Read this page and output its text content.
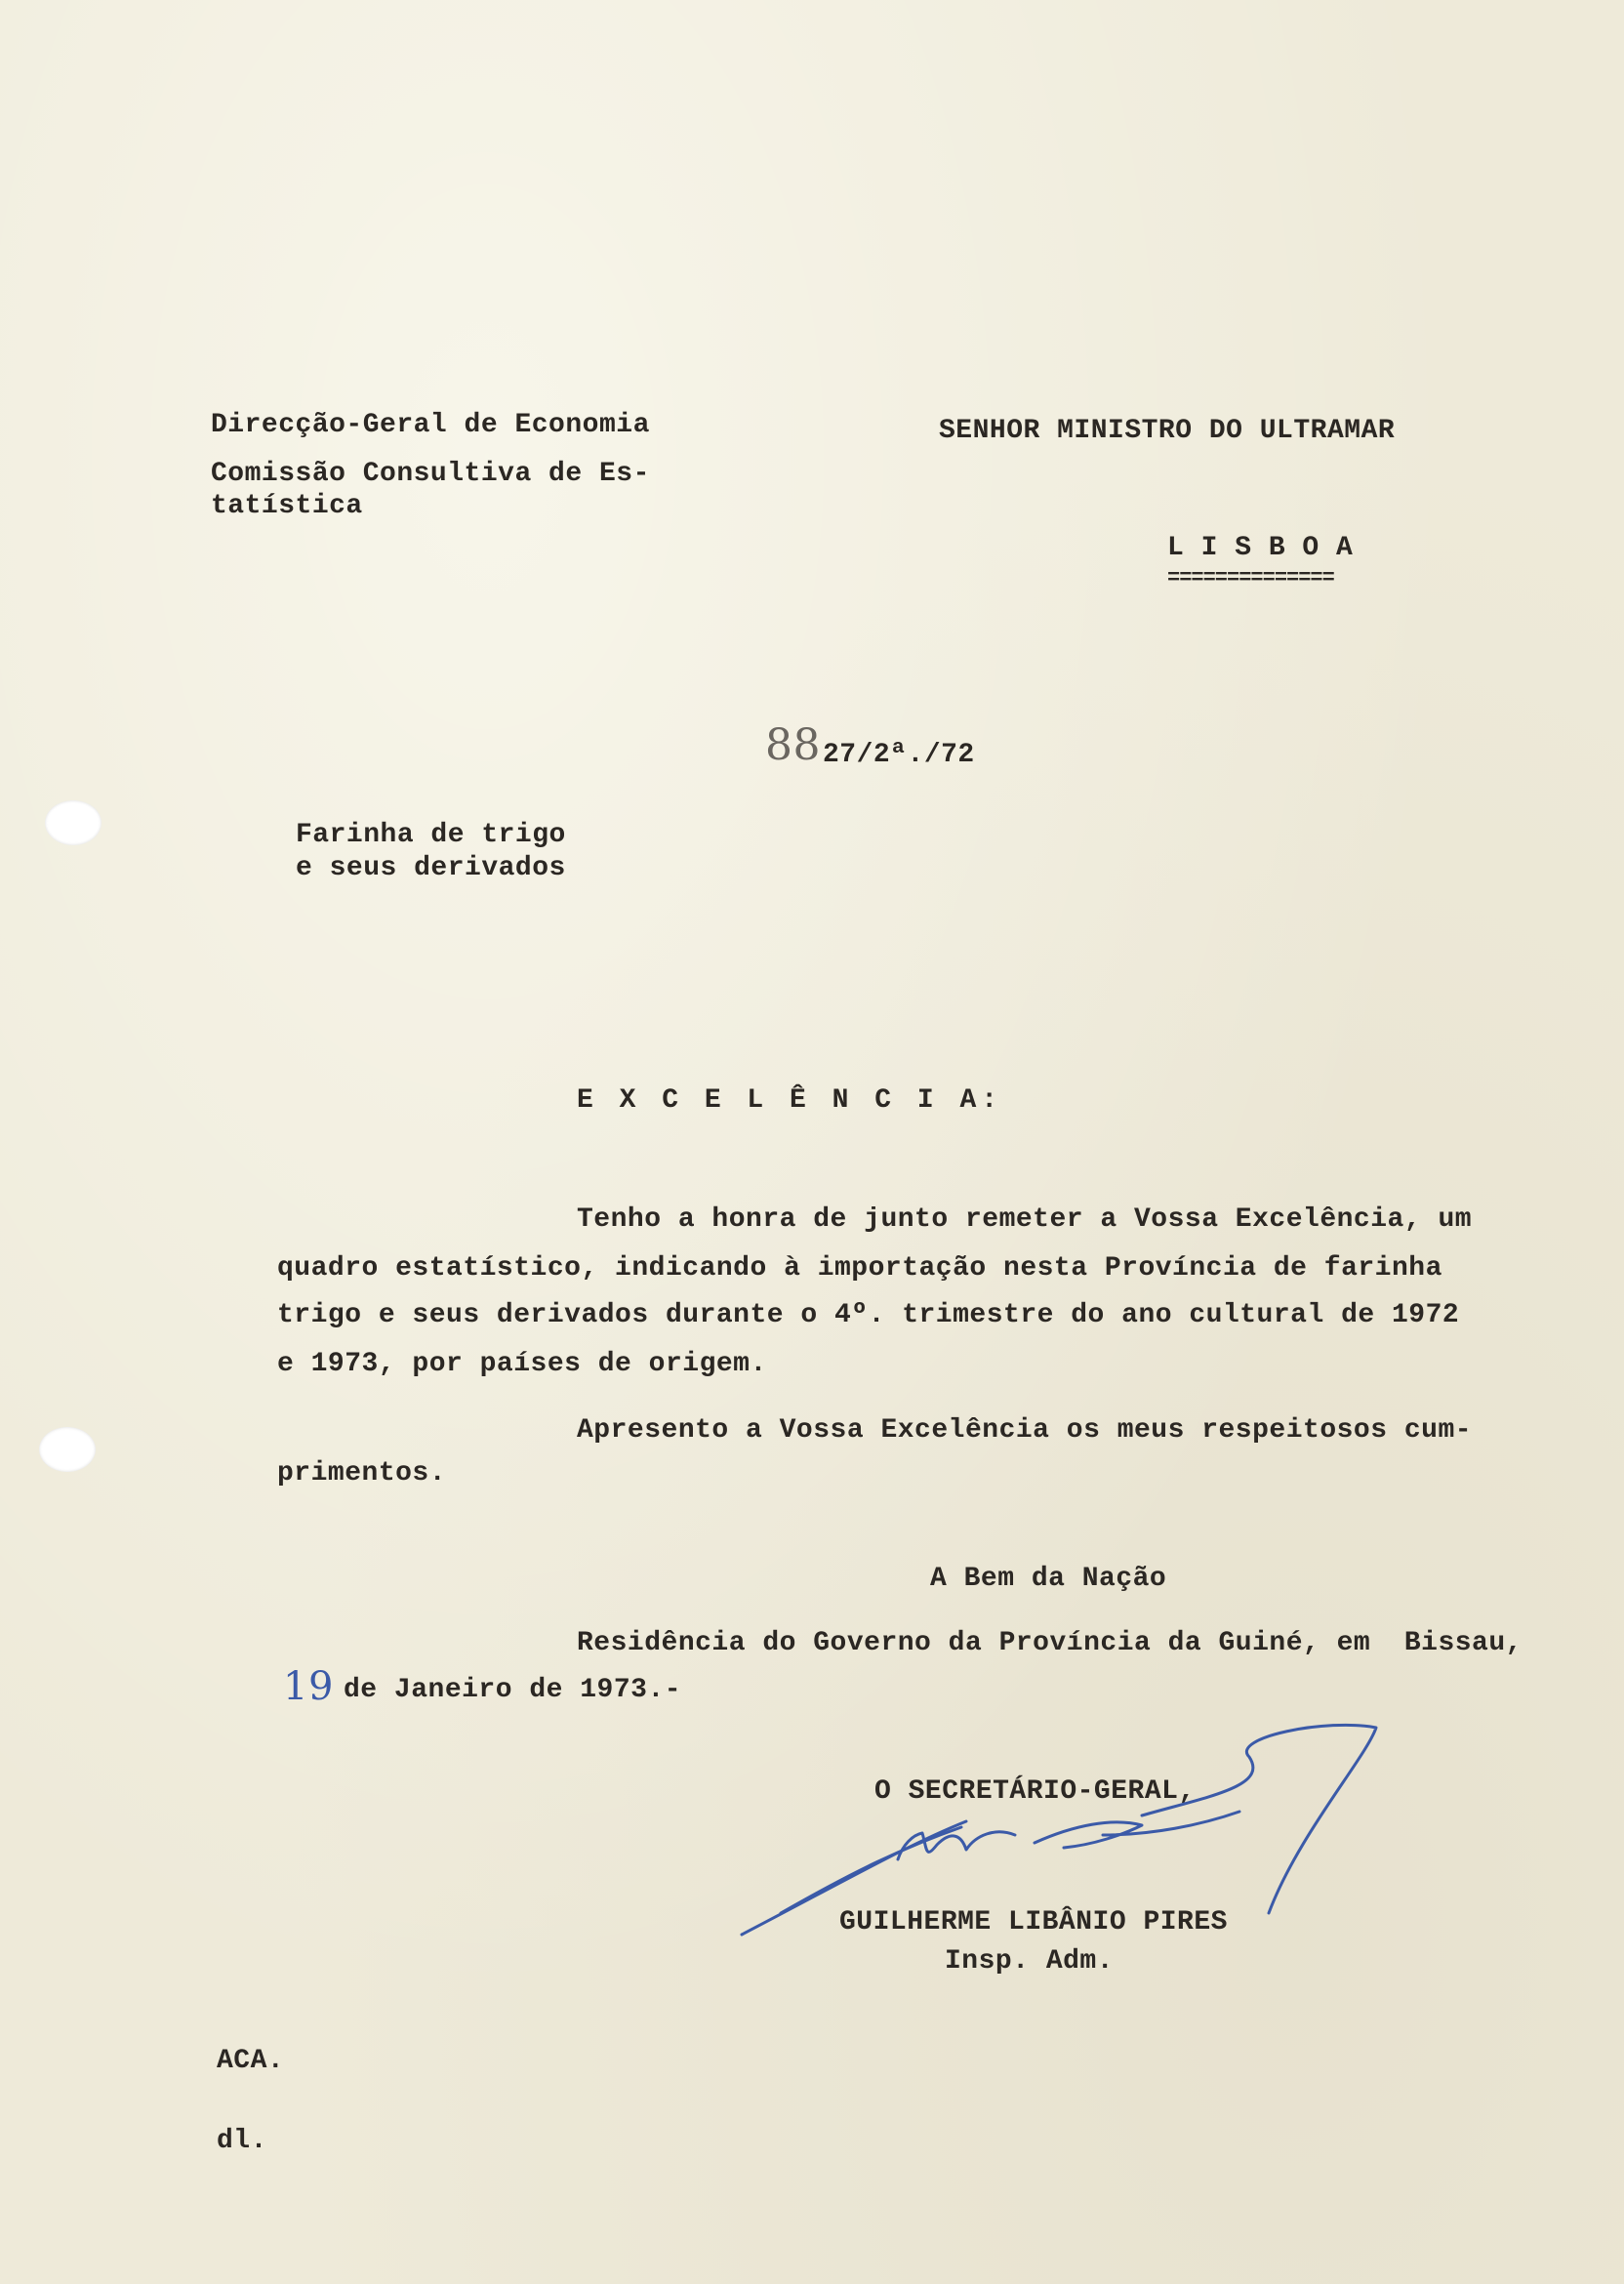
Direcção-Geral de Economia
Comissão Consultiva de Es-
tatística
SENHOR MINISTRO DO ULTRAMAR
L I S B O A
==============
88 27/2ª./72
Farinha de trigo
e seus derivados
E X C E L Ê N C I A:
Tenho a honra de junto remeter a Vossa Excelência, um
quadro estatístico, indicando à importação nesta Província de farinha
trigo e seus derivados durante o 4º. trimestre do ano cultural de 1972
e 1973, por países de origem.
Apresento a Vossa Excelência os meus respeitosos cum-
primentos.
A Bem da Nação
Residência do Governo da Província da Guiné, em  Bissau,
19 de Janeiro de 1973.-
O SECRETÁRIO-GERAL,
GUILHERME LIBÂNIO PIRES
Insp. Adm.
ACA.
dl.
